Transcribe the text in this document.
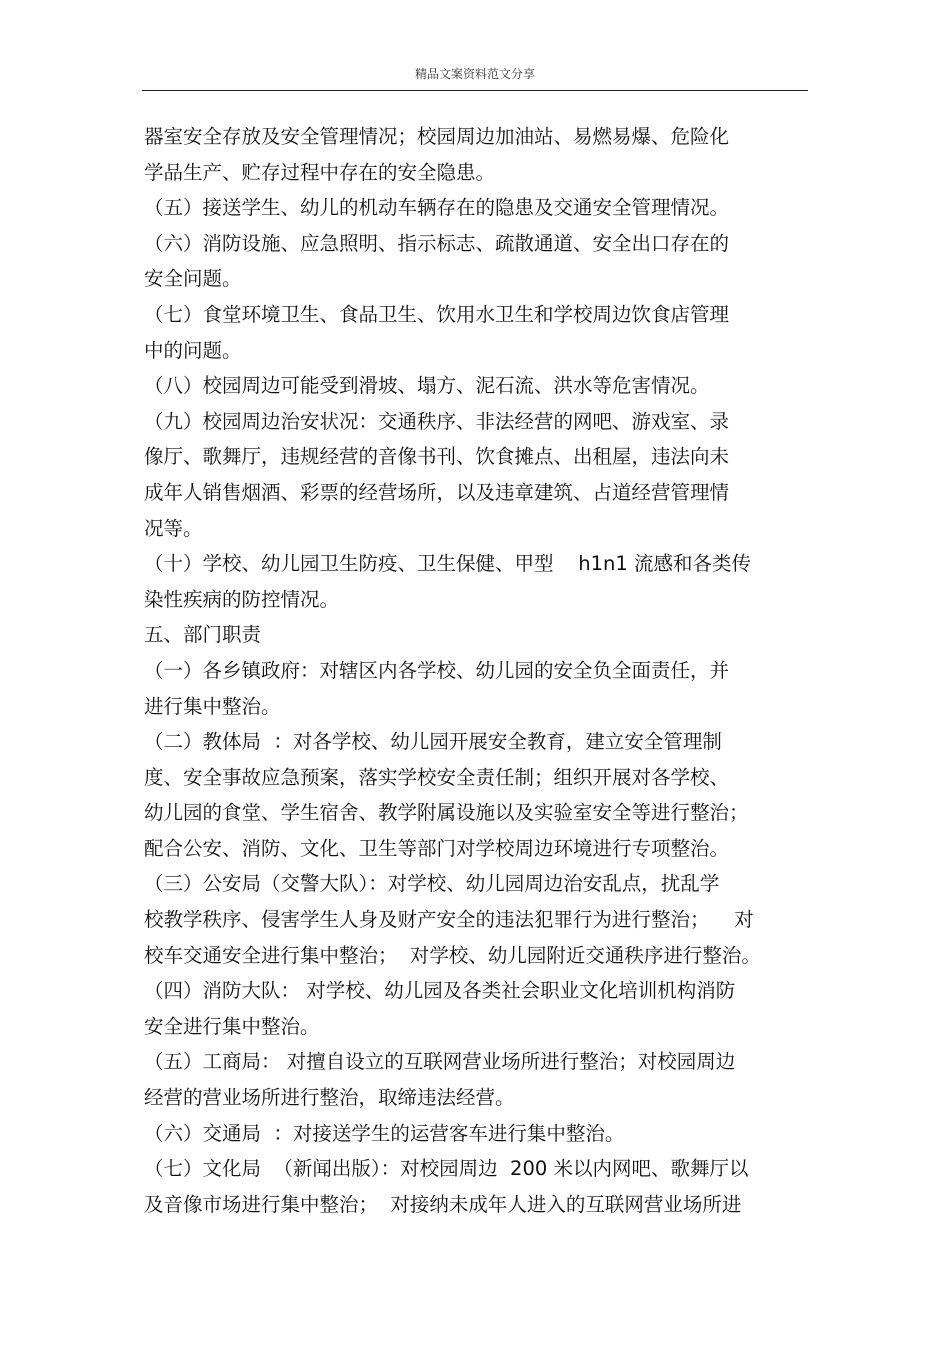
精品文案资料范文分享
器室安全存放及安全管理情况；校园周边加油站、易燃易爆、危险化
学品生产、贮存过程中存在的安全隐患。
（五）接送学生、幼儿的机动车辆存在的隐患及交通安全管理情况。
（六）消防设施、应急照明、指示标志、疏散通道、安全出口存在的
安全问题。
（七）食堂环境卫生、食品卫生、饮用水卫生和学校周边饮食店管理
中的问题。
（八）校园周边可能受到滑坡、塌方、泥石流、洪水等危害情况。
（九）校园周边治安状况：交通秩序、非法经营的网吧、游戏室、录
像厅、歌舞厅，违规经营的音像书刊、饮食摊点、出租屋，违法向未
成年人销售烟酒、彩票的经营场所，以及违章建筑、占道经营管理情
况等。
（十）学校、幼儿园卫生防疫、卫生保健、甲型    h1n1 流感和各类传
染性疾病的防控情况。
五、部门职责
（一）各乡镇政府：对辖区内各学校、幼儿园的安全负全面责任，并
进行集中整治。
（二）教体局  ：对各学校、幼儿园开展安全教育，建立安全管理制
度、安全事故应急预案，落实学校安全责任制；组织开展对各学校、
幼儿园的食堂、学生宿舍、教学附属设施以及实验室安全等进行整治；
配合公安、消防、文化、卫生等部门对学校周边环境进行专项整治。
（三）公安局（交警大队）：对学校、幼儿园周边治安乱点，扰乱学
校教学秩序、侵害学生人身及财产安全的违法犯罪行为进行整治；    对
校车交通安全进行集中整治；  对学校、幼儿园附近交通秩序进行整治。
（四）消防大队： 对学校、幼儿园及各类社会职业文化培训机构消防
安全进行集中整治。
（五）工商局： 对擅自设立的互联网营业场所进行整治；对校园周边
经营的营业场所进行整治，取缔违法经营。
（六）交通局  ：对接送学生的运营客车进行集中整治。
（七）文化局  （新闻出版）：对校园周边  200 米以内网吧、歌舞厅以
及音像市场进行集中整治；  对接纳未成年人进入的互联网营业场所进
